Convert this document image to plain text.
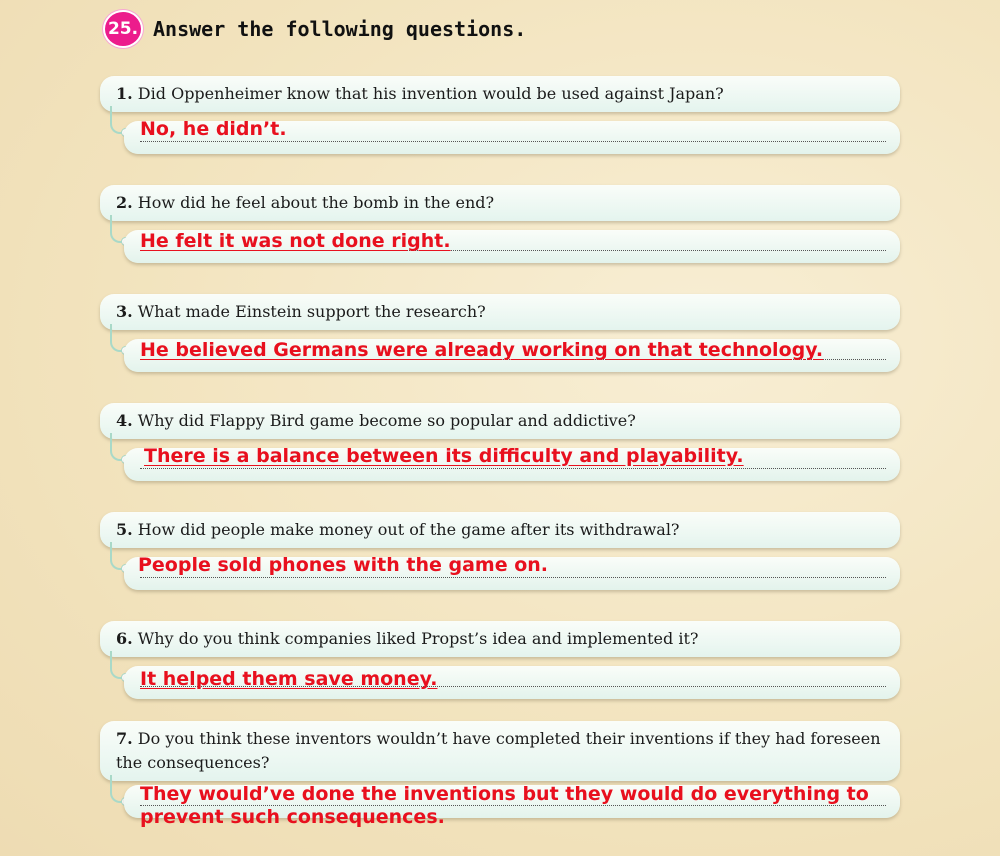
25. Answer the following questions.
1. Did Oppenheimer know that his invention would be used against Japan?
No, he didn’t.
2. How did he feel about the bomb in the end?
He felt it was not done right.
3. What made Einstein support the research?
He believed Germans were already working on that technology.
4. Why did Flappy Bird game become so popular and addictive?
There is a balance between its difficulty and playability.
5. How did people make money out of the game after its withdrawal?
People sold phones with the game on.
6. Why do you think companies liked Propst’s idea and implemented it?
It helped them save money.
7. Do you think these inventors wouldn’t have completed their inventions if they had foreseen the consequences?
They would’ve done the inventions but they would do everything to
prevent such consequences.
